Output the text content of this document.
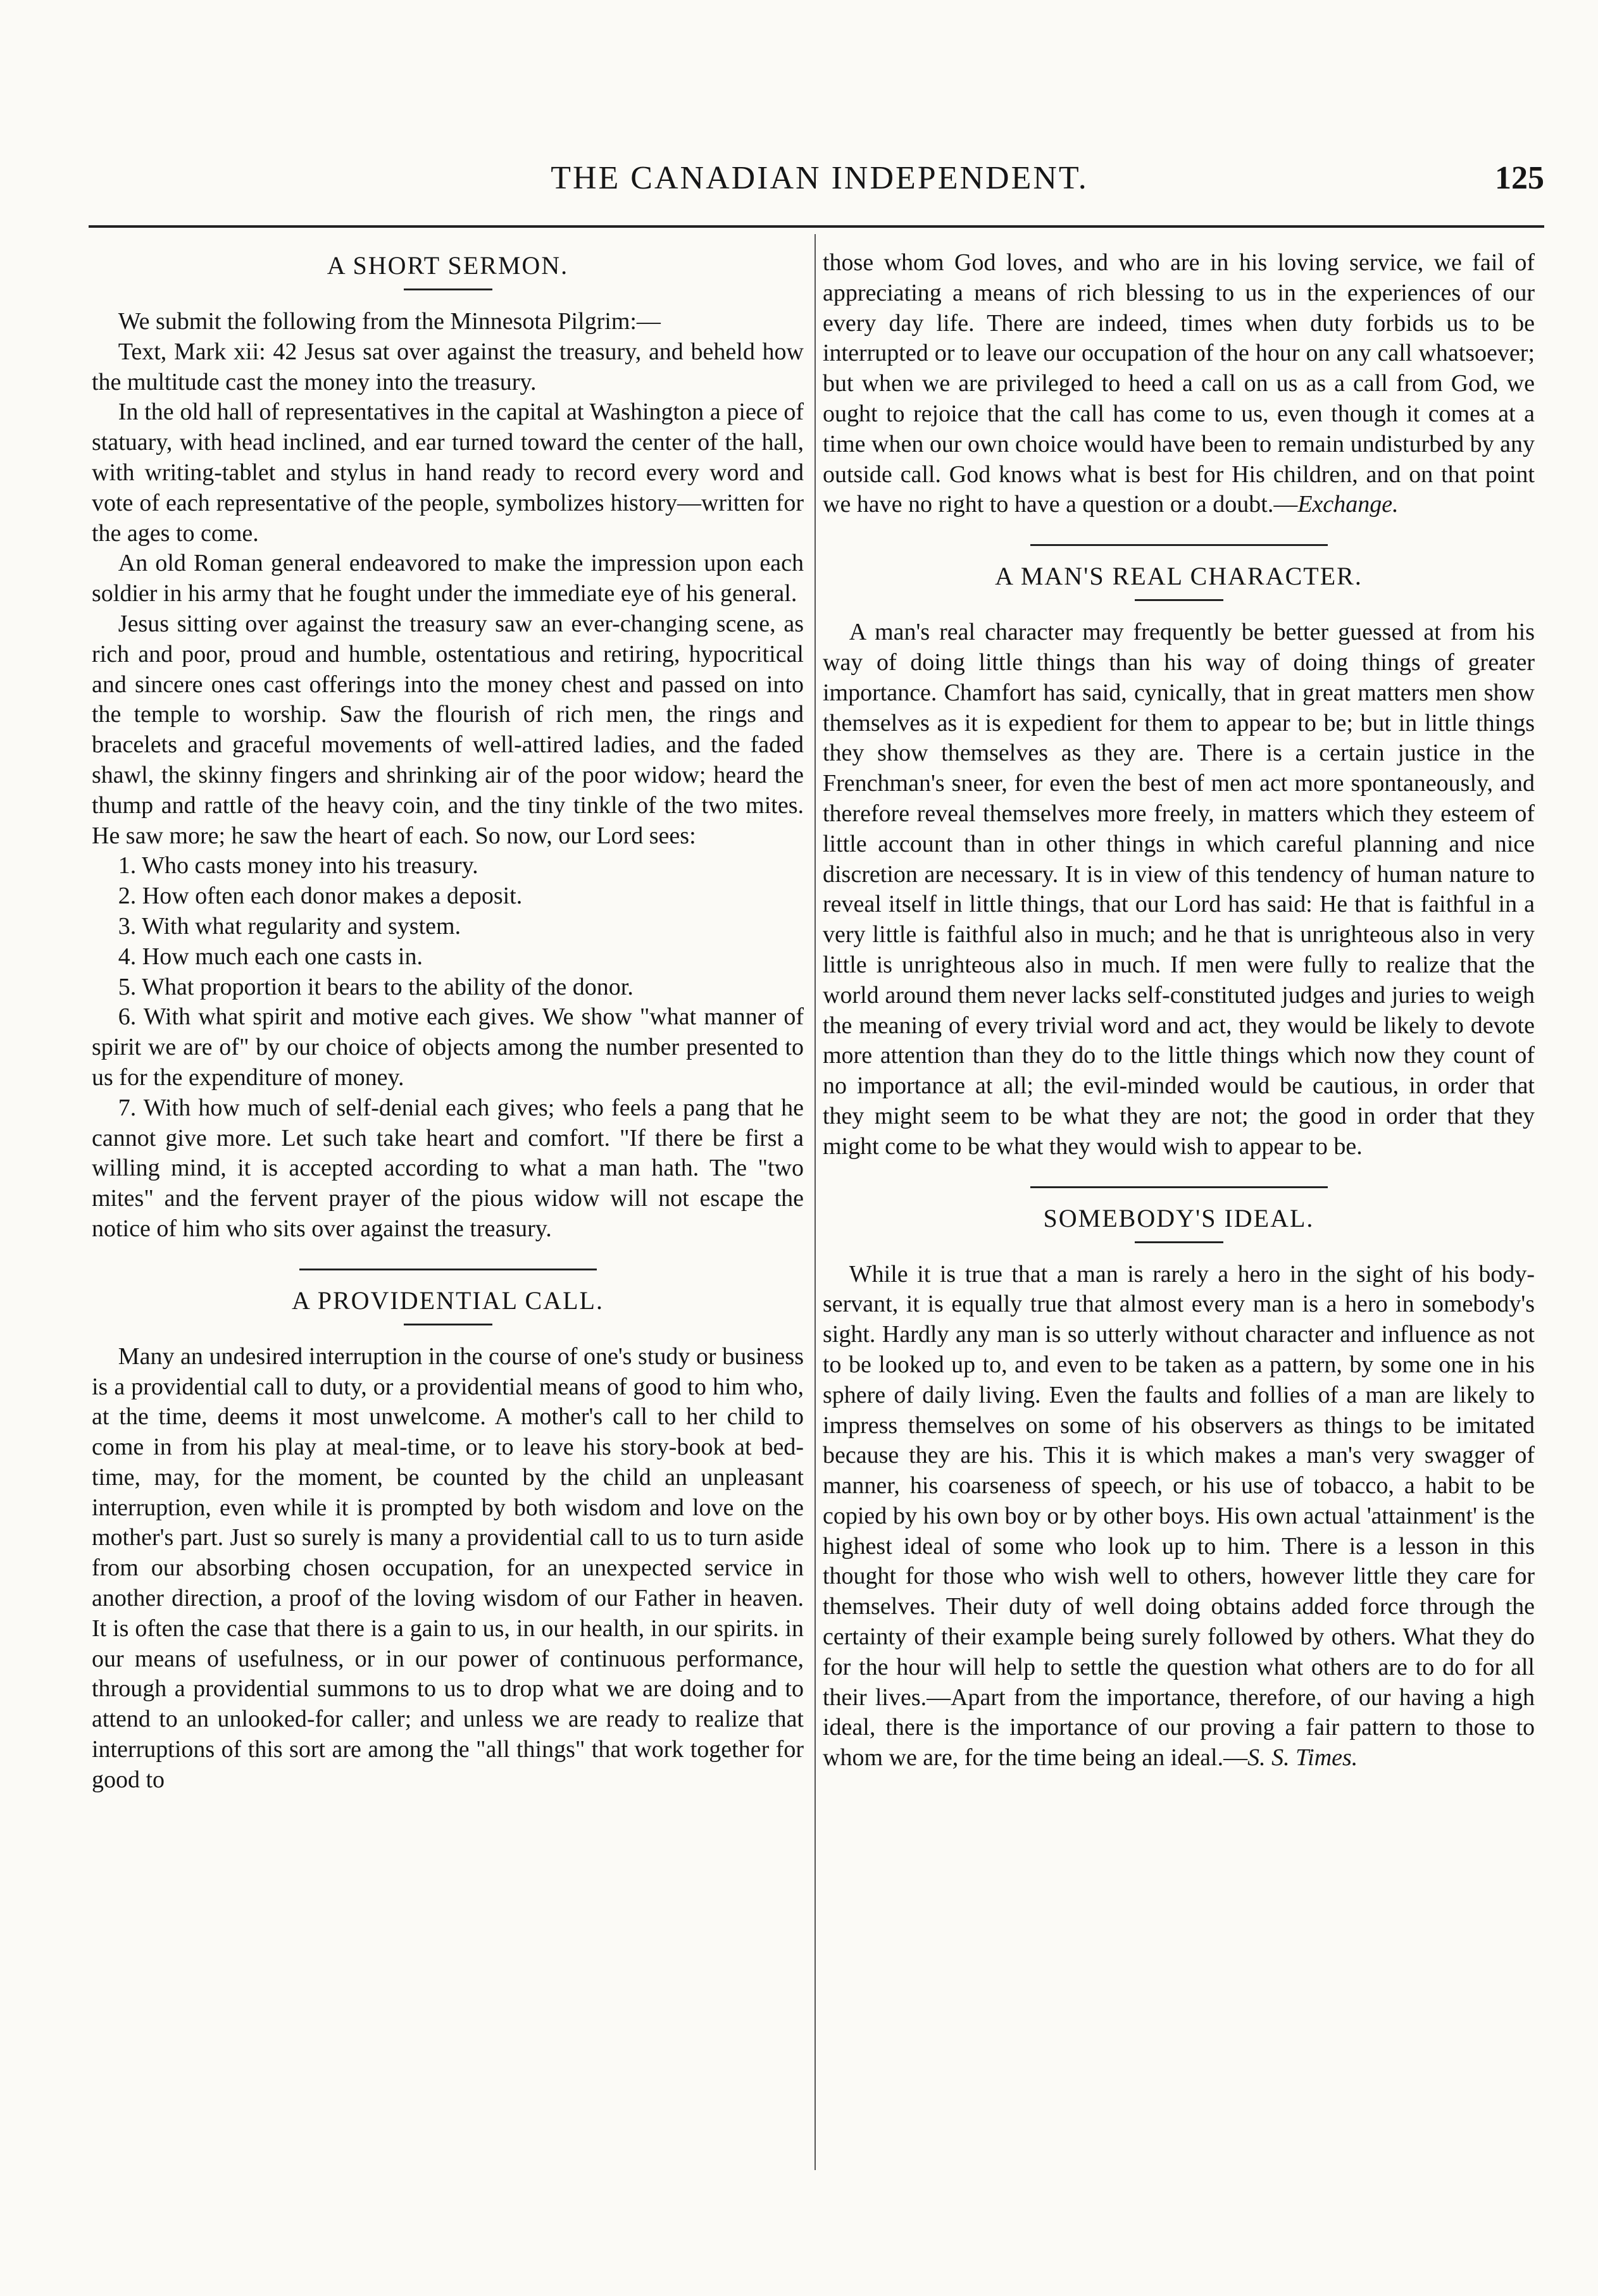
THE CANADIAN INDEPENDENT.	125
A SHORT SERMON.

We submit the following from the Minnesota Pilgrim:—

Text, Mark xii: 42 Jesus sat over against the treasury, and beheld how the multitude cast the money into the treasury.

In the old hall of representatives in the capital at Washington a piece of statuary, with head inclined, and ear turned toward the center of the hall, with writing-tablet and stylus in hand ready to record every word and vote of each representative of the people, symbolizes history—written for the ages to come.

An old Roman general endeavored to make the impression upon each soldier in his army that he fought under the immediate eye of his general.

Jesus sitting over against the treasury saw an ever-changing scene, as rich and poor, proud and humble, ostentatious and retiring, hypocritical and sincere ones cast offerings into the money chest and passed on into the temple to worship. Saw the flourish of rich men, the rings and bracelets and graceful movements of well-attired ladies, and the faded shawl, the skinny fingers and shrinking air of the poor widow; heard the thump and rattle of the heavy coin, and the tiny tinkle of the two mites. He saw more; he saw the heart of each. So now, our Lord sees:

1. Who casts money into his treasury.
2. How often each donor makes a deposit.
3. With what regularity and system.
4. How much each one casts in.
5. What proportion it bears to the ability of the donor.
6. With what spirit and motive each gives. We show "what manner of spirit we are of" by our choice of objects among the number presented to us for the expenditure of money.
7. With how much of self-denial each gives; who feels a pang that he cannot give more. Let such take heart and comfort. "If there be first a willing mind, it is accepted according to what a man hath. The "two mites" and the fervent prayer of the pious widow will not escape the notice of him who sits over against the treasury.
A PROVIDENTIAL CALL.

Many an undesired interruption in the course of one's study or business is a providential call to duty, or a providential means of good to him who, at the time, deems it most unwelcome. A mother's call to her child to come in from his play at meal-time, or to leave his story-book at bed-time, may, for the moment, be counted by the child an unpleasant interruption, even while it is prompted by both wisdom and love on the mother's part. Just so surely is many a providential call to us to turn aside from our absorbing chosen occupation, for an unexpected service in another direction, a proof of the loving wisdom of our Father in heaven. It is often the case that there is a gain to us, in our health, in our spirits. in our means of usefulness, or in our power of continuous performance, through a providential summons to us to drop what we are doing and to attend to an unlooked-for caller; and unless we are ready to realize that interruptions of this sort are among the "all things" that work together for good to

those whom God loves, and who are in his loving service, we fail of appreciating a means of rich blessing to us in the experiences of our every day life. There are indeed, times when duty forbids us to be interrupted or to leave our occupation of the hour on any call whatsoever; but when we are privileged to heed a call on us as a call from God, we ought to rejoice that the call has come to us, even though it comes at a time when our own choice would have been to remain undisturbed by any outside call. God knows what is best for His children, and on that point we have no right to have a question or a doubt.—Exchange.

A MAN'S REAL CHARACTER.

A man's real character may frequently be better guessed at from his way of doing little things than his way of doing things of greater importance. Chamfort has said, cynically, that in great matters men show themselves as it is expedient for them to appear to be; but in little things they show themselves as they are. There is a certain justice in the Frenchman's sneer, for even the best of men act more spontaneously, and therefore reveal themselves more freely, in matters which they esteem of little account than in other things in which careful planning and nice discretion are necessary. It is in view of this tendency of human nature to reveal itself in little things, that our Lord has said: He that is faithful in a very little is faithful also in much; and he that is unrighteous also in very little is unrighteous also in much. If men were fully to realize that the world around them never lacks self-constituted judges and juries to weigh the meaning of every trivial word and act, they would be likely to devote more attention than they do to the little things which now they count of no importance at all; the evil-minded would be cautious, in order that they might seem to be what they are not; the good in order that they might come to be what they would wish to appear to be.

SOMEBODY'S IDEAL.

While it is true that a man is rarely a hero in the sight of his body-servant, it is equally true that almost every man is a hero in somebody's sight. Hardly any man is so utterly without character and influence as not to be looked up to, and even to be taken as a pattern, by some one in his sphere of daily living. Even the faults and follies of a man are likely to impress themselves on some of his observers as things to be imitated because they are his. This it is which makes a man's very swagger of manner, his coarseness of speech, or his use of tobacco, a habit to be copied by his own boy or by other boys. His own actual 'attainment' is the highest ideal of some who look up to him. There is a lesson in this thought for those who wish well to others, however little they care for themselves. Their duty of well doing obtains added force through the certainty of their example being surely followed by others. What they do for the hour will help to settle the question what others are to do for all their lives.—Apart from the importance, therefore, of our having a high ideal, there is the importance of our proving a fair pattern to those to whom we are, for the time being an ideal.—S. S. Times.
